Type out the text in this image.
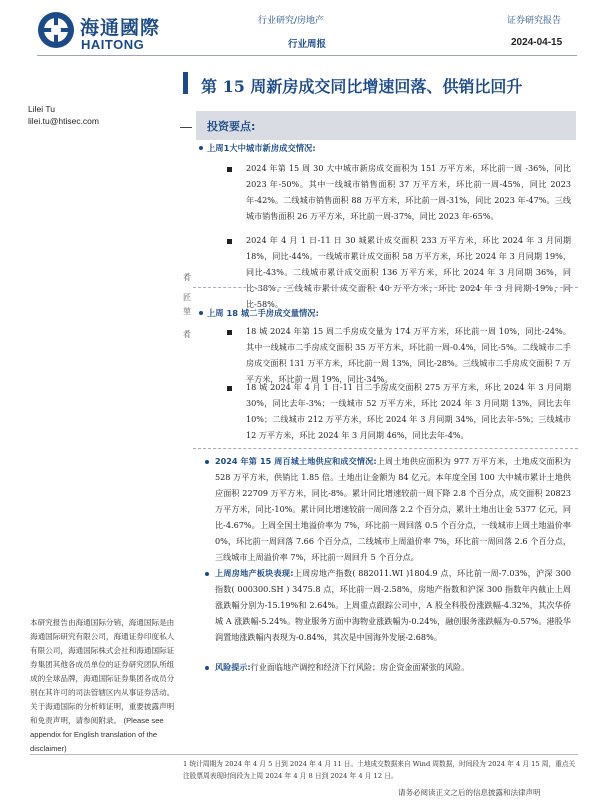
海通國際
HAITONG
行业研究/房地产
行业周报
证券研究报告
2024-04-15
第 15 周新房成交同比增速回落、供销比回升
Lilei Tu
lilei.tu@htisec.com	投资要点:
肴
匠
堃
肴
上周1大中城市新房成交情况:
2024 年第 15 周 30 大中城市新房成交面积为 151 万平方米，环比前一周 -36%，同比 2023 年-50%。其中一线城市销售面积 37 万平方米，环比前一周-45%，同比 2023 年-42%。二线城市销售面积 88 万平方米，环比前一周-31%，同比 2023 年-47%。三线城市销售面积 26 万平方米，环比前一周-37%，同比 2023 年-65%。
2024 年 4 月 1 日-11 日 30 城累计成交面积 233 万平方米，环比 2024 年 3 月同期 18%，同比-44%。一线城市累计成交面积 58 万平方米，环比 2024 年 3 月同期 19%，同比-43%。二线城市累计成交面积 136 万平方米，环比 2024 年 3 月同期 36%，同比-38%。三线城市累计成交面积 40 万平方米，环比 2024 年 3 月同期-19%，同比-58%。
上周 18 城二手房成交量情况:
18 城 2024 年第 15 周二手房成交量为 174 万平方米，环比前一周 10%，同比-24%。其中一线城市二手房成交面积 35 万平方米，环比前一周-0.4%，同比-5%。二线城市二手房成交面积 131 万平方米，环比前一周 13%，同比-28%。三线城市二手房成交面积 7 万平方米，环比前一周 19%，同比-34%。
18 城 2024 年 4 月 1 日-11 日二手房成交面积 275 万平方米，环比 2024 年 3 月同期 30%，同比去年-3%；一线城市 52 万平方米，环比 2024 年 3 月同期 13%，同比去年 10%；二线城市 212 万平方米，环比 2024 年 3 月同期 34%，同比去年-5%；三线城市 12 万平方米，环比 2024 年 3 月同期 46%，同比去年-4%。
2024 年第 15 周百城土地供应和成交情况:上周土地供应面积为 977 万平方米，土地成交面积为 528 万平方米，供销比 1.85 倍。土地出让金额为 84 亿元。本年度全国 100 大中城市累计土地供应面积 22709 万平方米，同比-8%。累计同比增速较前一周下降 2.8 个百分点，成交面积 20823 万平方米，同比-10%。累计同比增速较前一周回落 2.2 个百分点，累计土地出让金 5377 亿元，同比-4.67%。上周全国土地溢价率为 7%，环比前一周回落 0.5 个百分点，一线城市上周土地溢价率 0%，环比前一周回落 7.66 个百分点，二线城市上周溢价率 7%，环比前一周回落 2.6 个百分点，三线城市上周溢价率 7%，环比前一周回升 5 个百分点。
上周房地产板块表现:上周房地产指数( 882011.WI )1804.9 点，环比前一周-7.03%，沪深 300 指数( 000300.SH ) 3475.8 点，环比前一周-2.58%，房地产指数和沪深 300 指数年内截止上周涨跌幅分别为-15.19%和 2.64%。上周重点跟踪公司中，A 股全科股份涨跌幅-4.32%，其次华侨城 A 涨跌幅-5.24%。物业服务方面中海物业涨跌幅为-0.24%，融创服务涨跌幅为-0.57%。港股华润置地涨跌幅内表现为-0.84%，其次是中国海外发展-2.68%。
风险提示:行业面临地产调控和经济下行风险；房企资金面紧张的风险。
本研究报告由海通国际分销，海通国际是由海通国际研究有限公司，海通证券印度私人有限公司，海通国际株式会社和海通国际证券集团其他各成员单位的证券研究团队所组成的全球品牌，海通国际证券集团各成员分别在其许可的司法管辖区内从事证券活动。关于海通国际的分析师证明，重要披露声明和免责声明，请参阅附录。 (Please see appendix for English translation of the disclaimer)
1 统计周期为 2024 年 4 月 5 日到 2024 年 4 月 11 日。土地成交数据来自 Wind 周数据，时间段为 2024 年 4 月 15 周，重点关注股票周表现时间段为上周 2024 年 4 月 8 日到 2024 年 4 月 12 日。
请务必阅读正文之后的信息披露和法律声明
